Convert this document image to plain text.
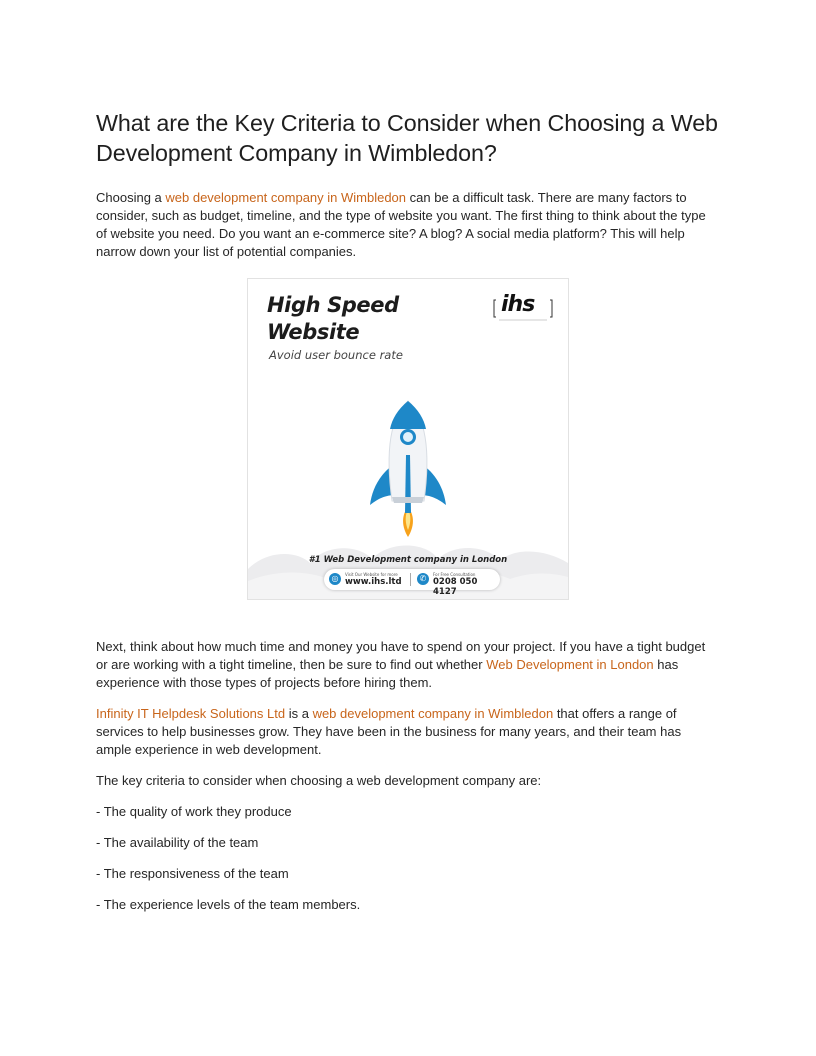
What are the Key Criteria to Consider when Choosing a Web Development Company in Wimbledon?

Choosing a web development company in Wimbledon can be a difficult task. There are many factors to consider, such as budget, timeline, and the type of website you want. The first thing to think about the type of website you need. Do you want an e-commerce site? A blog? A social media platform? This will help narrow down your list of potential companies.

High Speed
Website
Avoid user bounce rate
ihs
#1 Web Development company in London
◎	Visit Our Website for more
www.ihs.ltd	✆	For Free Consultation
0208 050 4127

Next, think about how much time and money you have to spend on your project. If you have a tight budget or are working with a tight timeline, then be sure to find out whether Web Development in London has experience with those types of projects before hiring them.

Infinity IT Helpdesk Solutions Ltd is a web development company in Wimbledon that offers a range of services to help businesses grow. They have been in the business for many years, and their team has ample experience in web development.

The key criteria to consider when choosing a web development company are:

- The quality of work they produce

- The availability of the team

- The responsiveness of the team

- The experience levels of the team members.
